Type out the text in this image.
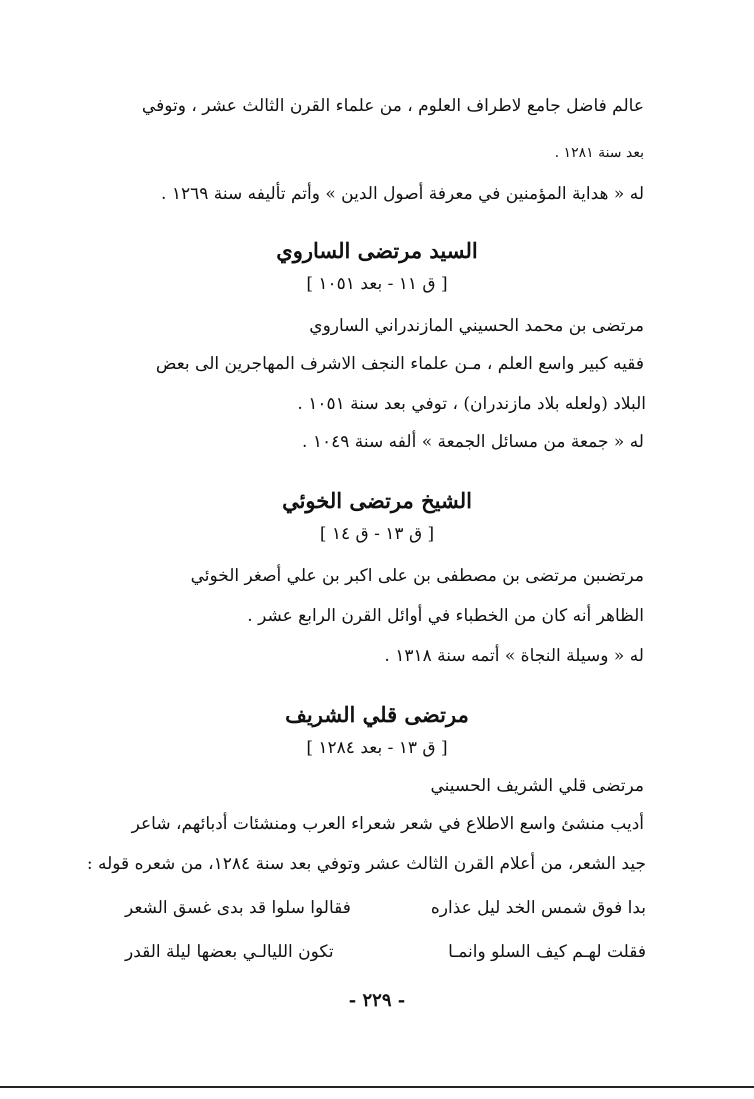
عالم فاضل جامع لاطراف العلوم ، من علماء القرن الثالث عشر ، وتوفي
بعد سنة ١٢٨١ .
له « هداية المؤمنين في معرفة أصول الدين » وأتم تأليفه سنة ١٢٦٩ .
السيد مرتضى الساروي
[ ق ١١ - بعد ١٠٥١ ]
مرتضى بن محمد الحسيني المازندراني الساروي
فقيه كبير واسع العلم ، مـن علماء النجف الاشرف المهاجرين الى بعض
البلاد (ولعله بلاد مازندران) ، توفي بعد سنة ١٠٥١ .
له « جمعة من مسائل الجمعة » ألفه سنة ١٠٤٩ .
الشيخ مرتضى الخوئي
[ ق ١٣ - ق ١٤ ]
مرتضىبن مرتضى بن مصطفى بن على اكبر بن علي أصغر الخوئي
الظاهر أنه كان من الخطباء في أوائل القرن الرابع عشر .
له « وسيلة النجاة » أتمه سنة ١٣١٨ .
مرتضى قلي الشريف
[ ق ١٣ - بعد ١٢٨٤ ]
مرتضى قلي الشريف الحسيني
أديب منشئ واسع الاطلاع في شعر شعراء العرب ومنشئات أدبائهم، شاعر
جيد الشعر، من أعلام القرن الثالث عشر وتوفي بعد سنة ١٢٨٤، من شعره قوله :
بدا فوق شمس الخد ليل عذاره
فقالوا سلوا قد بدى غسق الشعر
فقلت لهـم كيف السلو وانمـا
تكون الليالـي بعضها ليلة القدر
- ٢٢٩ -
